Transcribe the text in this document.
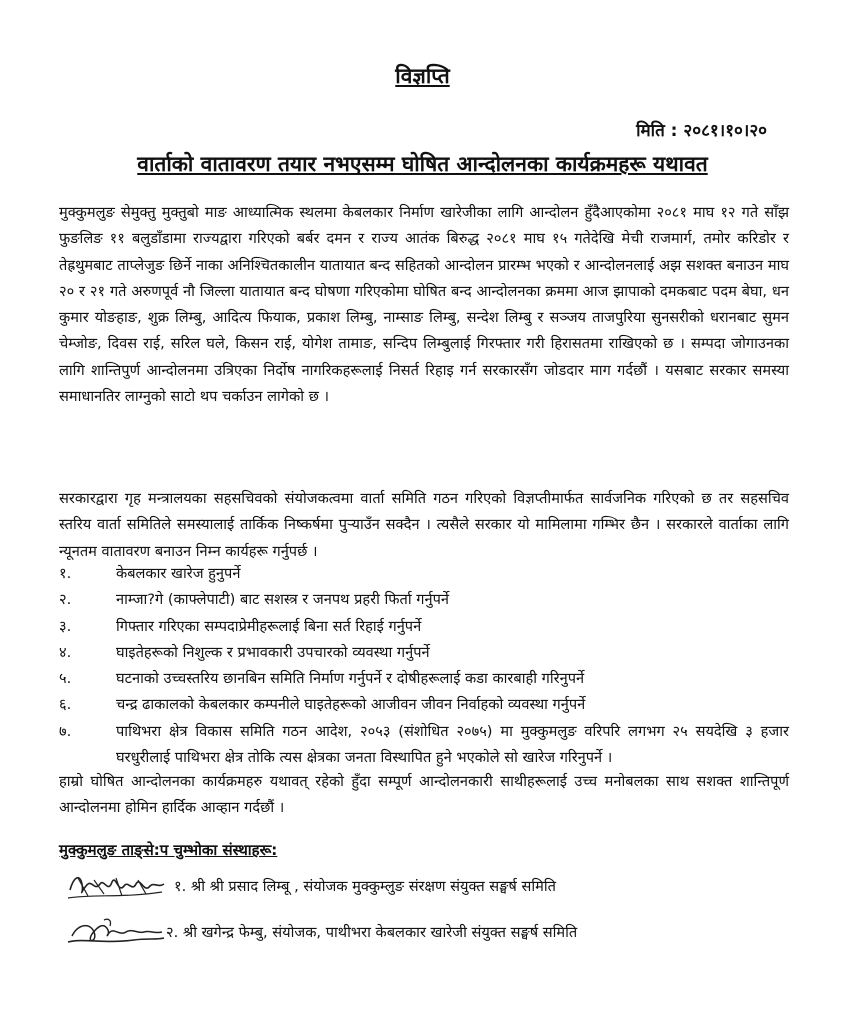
विज्ञप्ति
मिति : २०८१।१०।२०
वार्ताको वातावरण तयार नभएसम्म घोषित आन्दोलनका कार्यक्रमहरू यथावत
मुक्कुमलुङ सेमुक्तु मुक्तुबो माङ आध्यात्मिक स्थलमा केबलकार निर्माण खारेजीका लागि आन्दोलन हुँदैआएकोमा २०८१ माघ १२ गते साँझ फुङलिङ ११ बलुडाँडामा राज्यद्वारा गरिएको बर्बर दमन र राज्य आतंक बिरुद्ध २०८१ माघ १५ गतेदेखि मेची राजमार्ग, तमोर करिडोर र तेह्रथुमबाट ताप्लेजुङ छिर्ने नाका अनिश्चितकालीन यातायात बन्द सहितको आन्दोलन प्रारम्भ भएको र आन्दोलनलाई अझ सशक्त बनाउन माघ २० र २१ गते अरुणपूर्व नौ जिल्ला यातायात बन्द घोषणा गरिएकोमा घोषित बन्द आन्दोलनका क्रममा आज झापाको दमकबाट पदम बेघा, धन कुमार योङहाङ, शुक्र लिम्बु, आदित्य फियाक, प्रकाश लिम्बु, नाम्साङ लिम्बु, सन्देश लिम्बु र सञ्जय ताजपुरिया सुनसरीको धरानबाट सुमन चेम्जोङ, दिवस राई, सरिल घले, किसन राई, योगेश तामाङ, सन्दिप लिम्बुलाई गिरफ्तार गरी हिरासतमा राखिएको छ । सम्पदा जोगाउनका लागि शान्तिपुर्ण आन्दोलनमा उत्रिएका निर्दोष नागरिकहरूलाई निसर्त रिहाइ गर्न सरकारसँग जोडदार माग गर्दछौं । यसबाट सरकार समस्या समाधानतिर लाग्नुको साटो थप चर्काउन लागेको छ ।
सरकारद्वारा गृह मन्त्रालयका सहसचिवको संयोजकत्वमा वार्ता समिति गठन गरिएको विज्ञप्तीमार्फत सार्वजनिक गरिएको छ तर सहसचिव स्तरिय वार्ता समितिले समस्यालाई तार्किक निष्कर्षमा पुऱ्याउँन सक्दैन । त्यसैले सरकार यो मामिलामा गम्भिर छैन । सरकारले वार्ताका लागि न्यूनतम वातावरण बनाउन निम्न कार्यहरू गर्नुपर्छ ।
१.	केबलकार खारेज हुनुपर्ने
२.	नाम्जा?गे (काफ्लेपाटी) बाट सशस्त्र र जनपथ प्रहरी फिर्ता गर्नुपर्ने
३.	गिफ्तार गरिएका सम्पदाप्रेमीहरूलाई बिना सर्त रिहाई गर्नुपर्ने
४.	घाइतेहरूको निशुल्क र प्रभावकारी उपचारको व्यवस्था गर्नुपर्ने
५.	घटनाको उच्चस्तरिय छानबिन समिति निर्माण गर्नुपर्ने र दोषीहरूलाई कडा कारबाही गरिनुपर्ने
६.	चन्द्र ढाकालको केबलकार कम्पनीले घाइतेहरूको आजीवन जीवन निर्वाहको व्यवस्था गर्नुपर्ने
७.	पाथिभरा क्षेत्र विकास समिति गठन आदेश, २०५३ (संशोधित २०७५) मा मुक्कुमलुङ वरिपरि लगभग २५ सयदेखि ३ हजार घरधुरीलाई पाथिभरा क्षेत्र तोकि त्यस क्षेत्रका जनता विस्थापित हुने भएकोले सो खारेज गरिनुपर्ने ।
हाम्रो घोषित आन्दोलनका कार्यक्रमहरु यथावत् रहेको हुँदा सम्पूर्ण आन्दोलनकारी साथीहरूलाई उच्च मनोबलका साथ सशक्त शान्तिपूर्ण आन्दोलनमा होमिन हार्दिक आव्हान गर्दछौं ।
मुक्कुमलुङ ताङ्से:प चुम्भोका संस्थाहरू:
१. श्री श्री प्रसाद लिम्बू , संयोजक मुक्कुम्लुङ संरक्षण संयुक्त सङ्घर्ष समिति
२. श्री खगेन्द्र फेम्बु, संयोजक, पाथीभरा केबलकार खारेजी संयुक्त सङ्घर्ष समिति
